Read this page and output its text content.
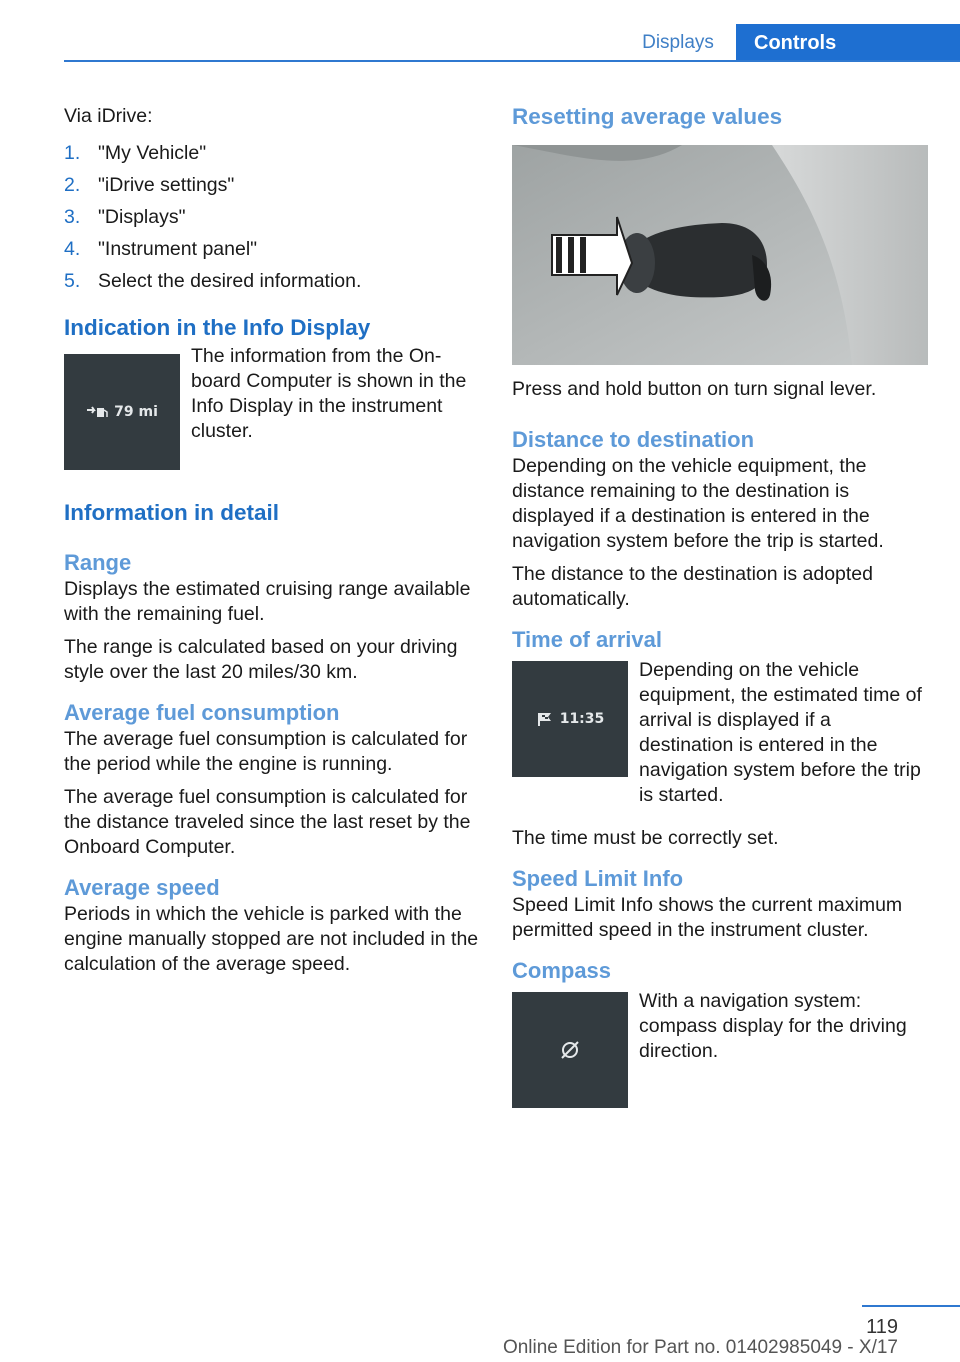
Displays	Controls

Via iDrive:

1. "My Vehicle"
2. "iDrive settings"
3. "Displays"
4. "Instrument panel"
5. Select the desired information.
Indication in the Info Display
79 mi

The information from the On-board Computer is shown in the Info Display in the instrument cluster.

Information in detail
Range

Displays the estimated cruising range available with the remaining fuel.

The range is calculated based on your driving style over the last 20 miles/30 km.

Average fuel consumption

The average fuel consumption is calculated for the period while the engine is running.

The average fuel consumption is calculated for the distance traveled since the last reset by the Onboard Computer.

Average speed

Periods in which the vehicle is parked with the engine manually stopped are not included in the calculation of the average speed.

Resetting average values

Press and hold button on turn signal lever.

Distance to destination

Depending on the vehicle equipment, the distance remaining to the destination is displayed if a destination is entered in the navigation system before the trip is started.

The distance to the destination is adopted automatically.

Time of arrival
11:35

Depending on the vehicle equipment, the estimated time of arrival is displayed if a destination is entered in the navigation system before the trip is started.

The time must be correctly set.

Speed Limit Info

Speed Limit Info shows the current maximum permitted speed in the instrument cluster.

Compass

With a navigation system: compass display for the driving direction.

119
Online Edition for Part no. 01402985049 - X/17
